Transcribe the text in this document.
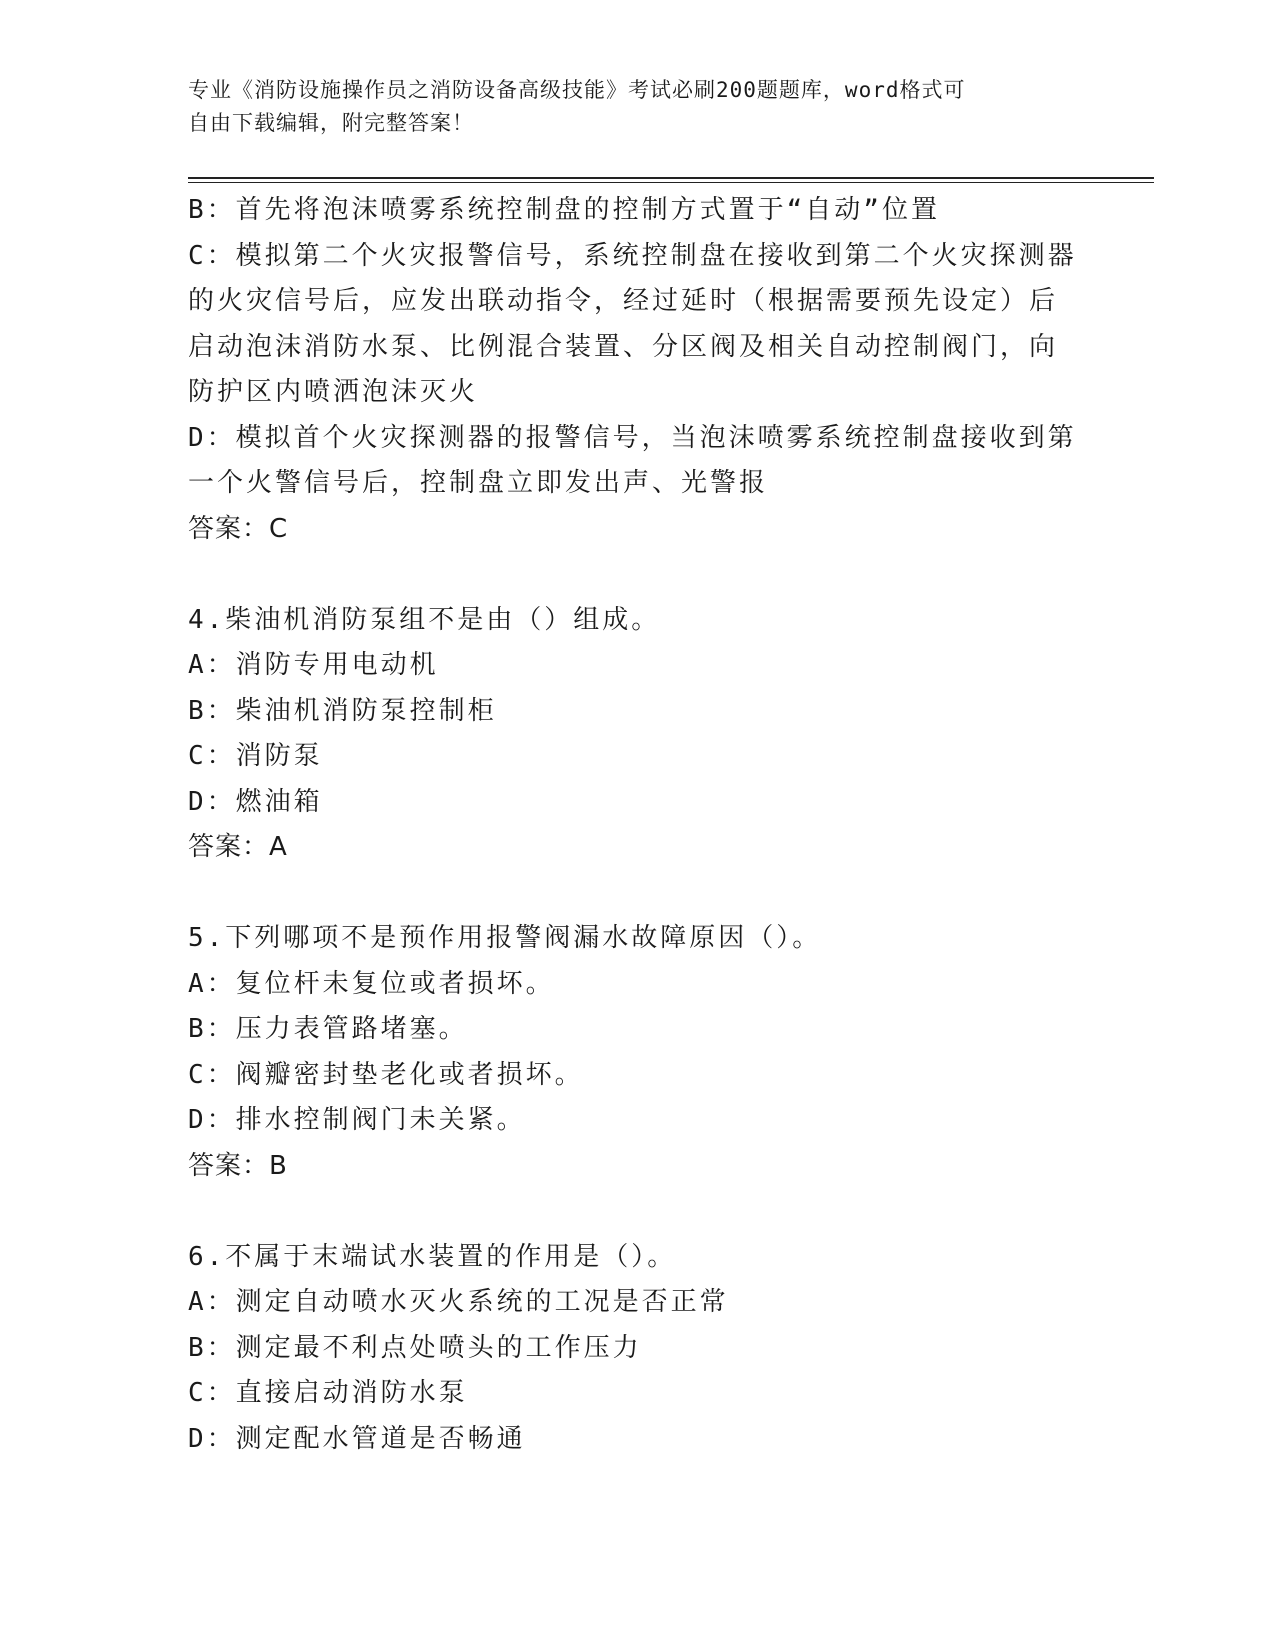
专业《消防设施操作员之消防设备高级技能》考试必刷200题题库，word格式可
自由下载编辑，附完整答案！
B：首先将泡沫喷雾系统控制盘的控制方式置于“自动”位置
C：模拟第二个火灾报警信号，系统控制盘在接收到第二个火灾探测器
的火灾信号后，应发出联动指令，经过延时（根据需要预先设定）后
启动泡沫消防水泵、比例混合装置、分区阀及相关自动控制阀门，向
防护区内喷洒泡沫灭火
D：模拟首个火灾探测器的报警信号，当泡沫喷雾系统控制盘接收到第
一个火警信号后，控制盘立即发出声、光警报
答案：C
4.柴油机消防泵组不是由（）组成。
A：消防专用电动机
B：柴油机消防泵控制柜
C：消防泵
D：燃油箱
答案：A
5.下列哪项不是预作用报警阀漏水故障原因（）。
A：复位杆未复位或者损坏。
B：压力表管路堵塞。
C：阀瓣密封垫老化或者损坏。
D：排水控制阀门未关紧。
答案：B
6.不属于末端试水装置的作用是（）。
A：测定自动喷水灭火系统的工况是否正常
B：测定最不利点处喷头的工作压力
C：直接启动消防水泵
D：测定配水管道是否畅通
